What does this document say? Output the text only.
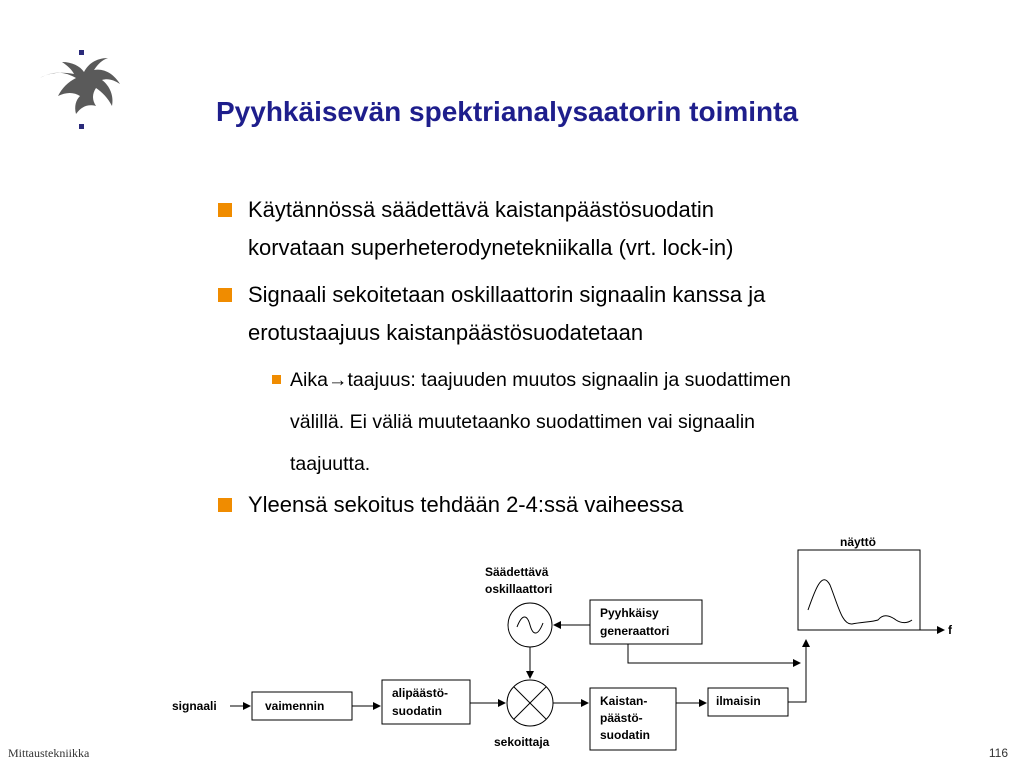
Pyyhkäisevän spektrianalysaatorin toiminta
Käytännössä säädettävä kaistanpäästösuodatin
korvataan superheterodynetekniikalla (vrt. lock-in)
Signaali sekoitetaan oskillaattorin signaalin kanssa ja
erotustaajuus kaistanpäästösuodatetaan
Aika→taajuus: taajuuden muutos signaalin ja suodattimen
välillä. Ei väliä muutetaanko suodattimen vai signaalin
taajuutta.
Yleensä sekoitus tehdään 2-4:ssä vaiheessa
signaali	vaimennin
alipäästö-
suodatin
Säädettävä
oskillaattori
Pyyhkäisy
generaattori
sekoittaja
Kaistan-
päästö-
suodatin
ilmaisin
näyttö
f
Mittaustekniikka	116
